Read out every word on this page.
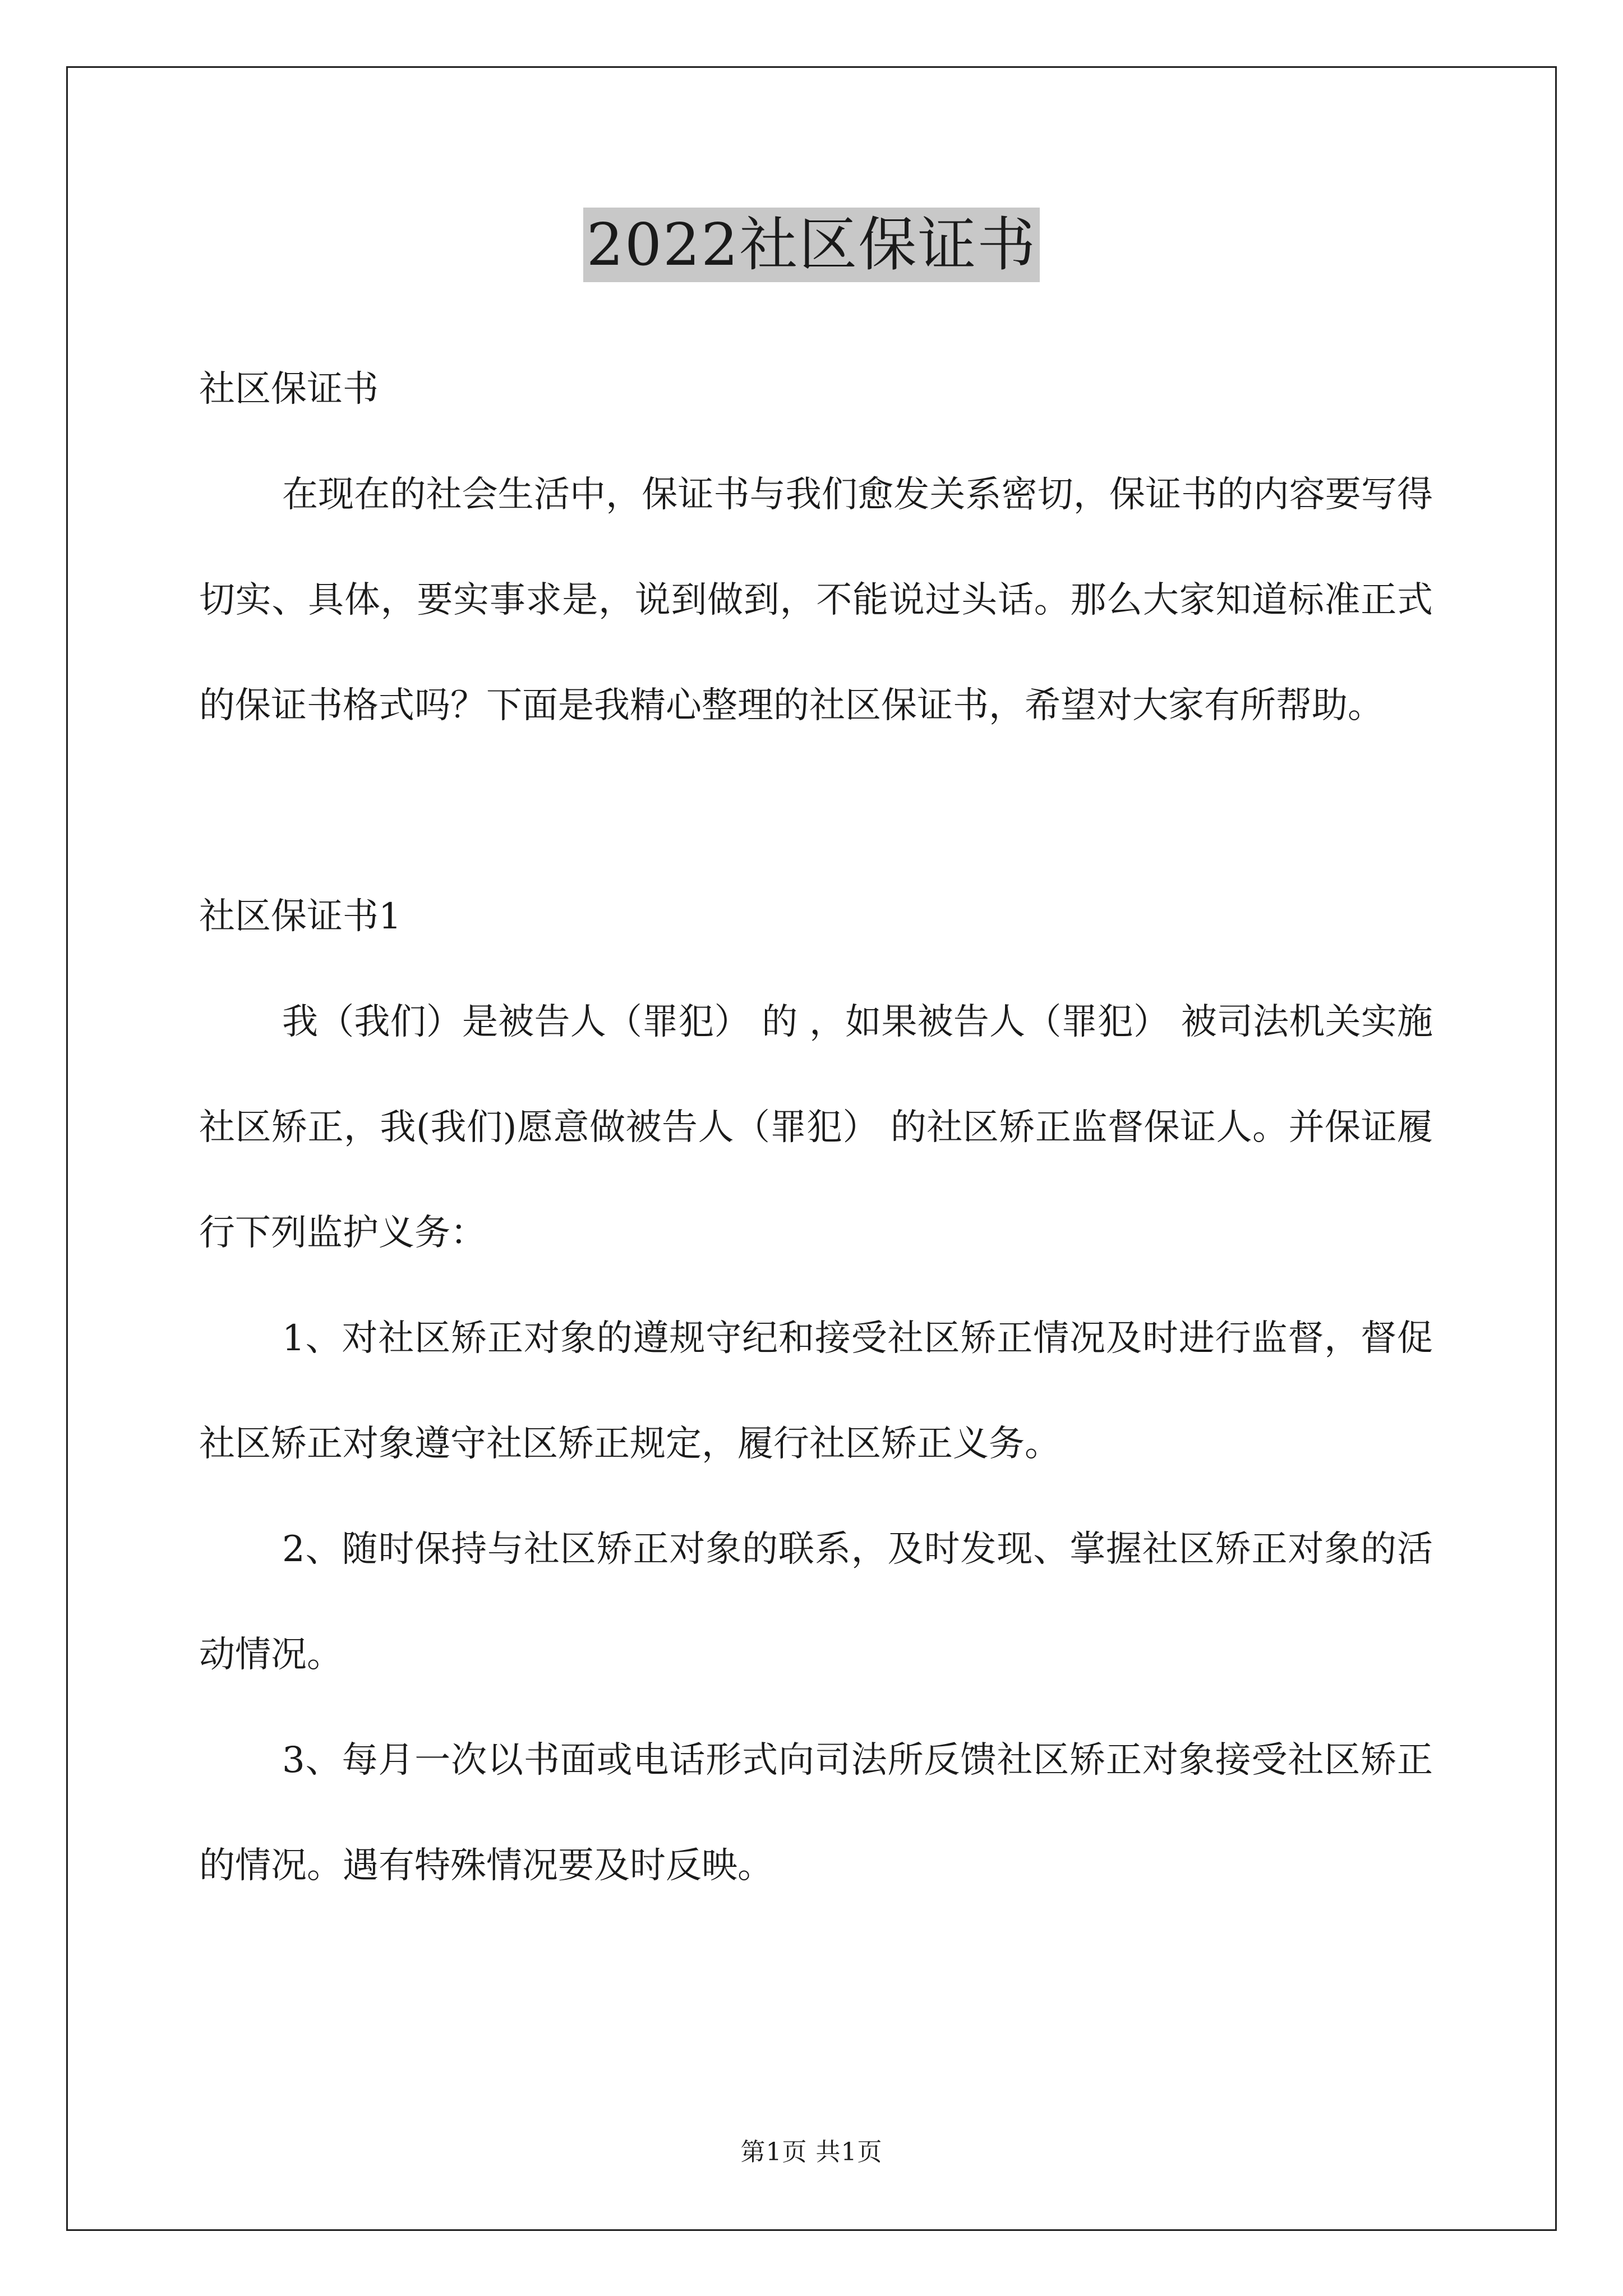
2022社区保证书

社区保证书

在现在的社会生活中，保证书与我们愈发关系密切，保证书的内容要写得切实、具体，要实事求是，说到做到，不能说过头话。那么大家知道标准正式的保证书格式吗？下面是我精心整理的社区保证书，希望对大家有所帮助。

社区保证书1

我（我们）是被告人（罪犯） 的 ，如果被告人（罪犯） 被司法机关实施社区矫正，我(我们)愿意做被告人（罪犯） 的社区矫正监督保证人。并保证履行下列监护义务：

1、对社区矫正对象的遵规守纪和接受社区矫正情况及时进行监督，督促社区矫正对象遵守社区矫正规定，履行社区矫正义务。

2、随时保持与社区矫正对象的联系，及时发现、掌握社区矫正对象的活动情况。

3、每月一次以书面或电话形式向司法所反馈社区矫正对象接受社区矫正的情况。遇有特殊情况要及时反映。

第1页 共1页
